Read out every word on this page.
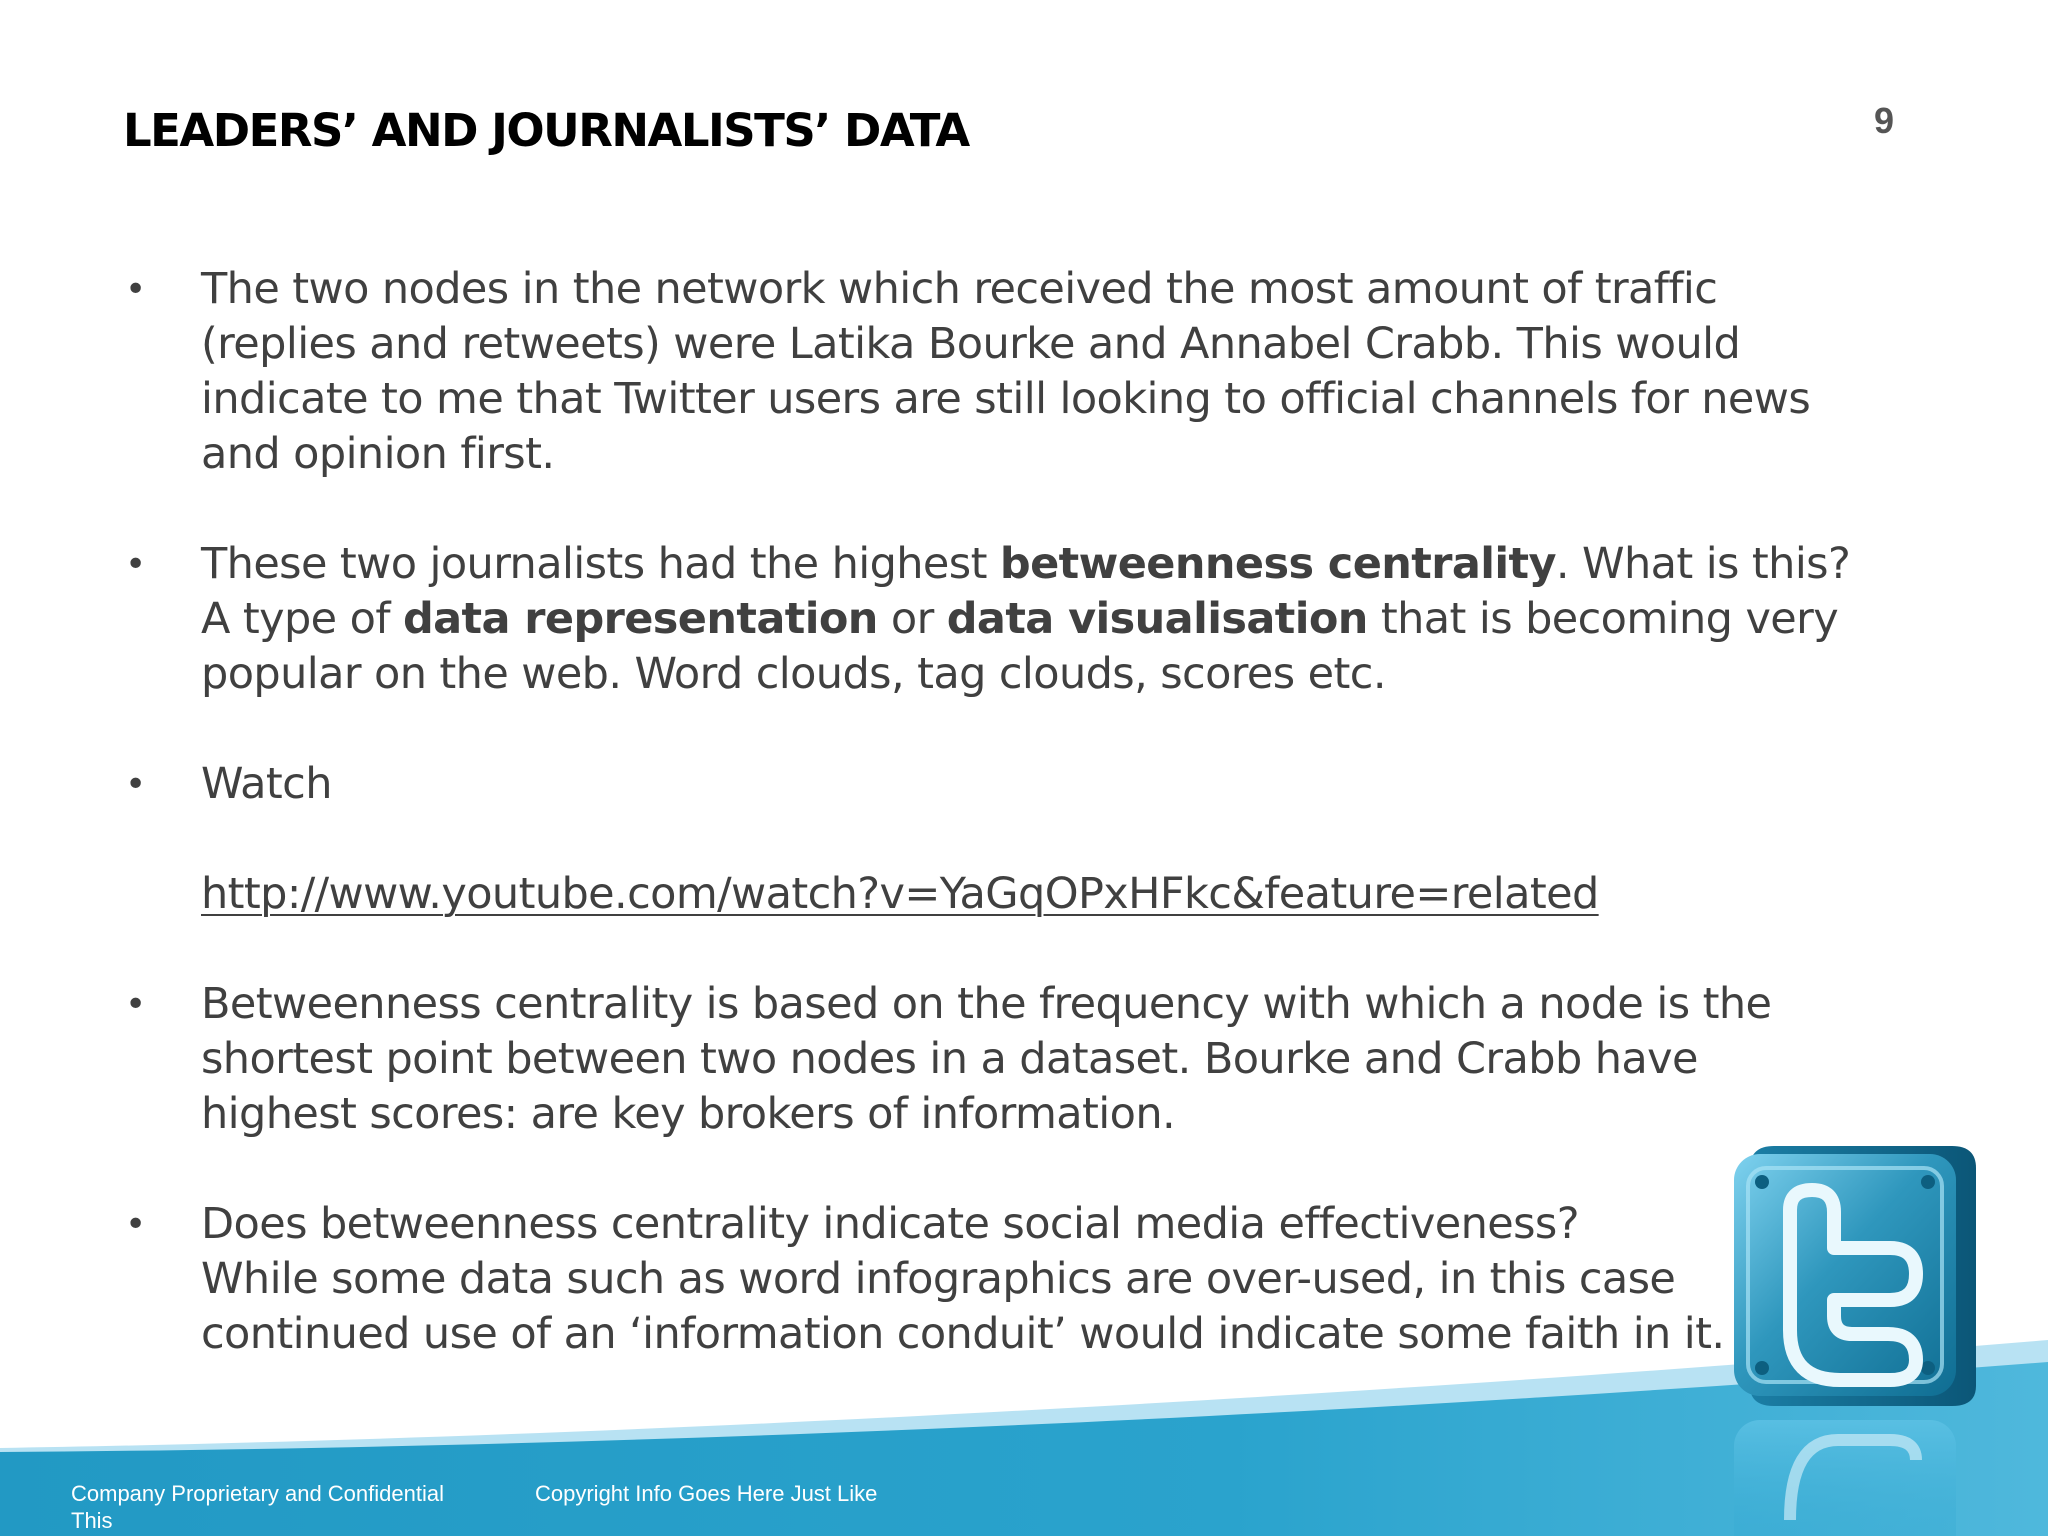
LEADERS’ AND JOURNALISTS’ DATA	9
• The two nodes in the network which received the most amount of traffic
(replies and retweets) were Latika Bourke and Annabel Crabb. This would
indicate to me that Twitter users are still looking to official channels for news
and opinion first.
• These two journalists had the highest betweenness centrality. What is this?
A type of data representation or data visualisation that is becoming very
popular on the web. Word clouds, tag clouds, scores etc.
• Watch
http://www.youtube.com/watch?v=YaGqOPxHFkc&feature=related
• Betweenness centrality is based on the frequency with which a node is the
shortest point between two nodes in a dataset. Bourke and Crabb have
highest scores: are key brokers of information.
• Does betweenness centrality indicate social media effectiveness?
While some data such as word infographics are over-used, in this case
continued use of an ‘information conduit’ would indicate some faith in it.
Company Proprietary and Confidential This
Copyright Info Goes Here Just Like
